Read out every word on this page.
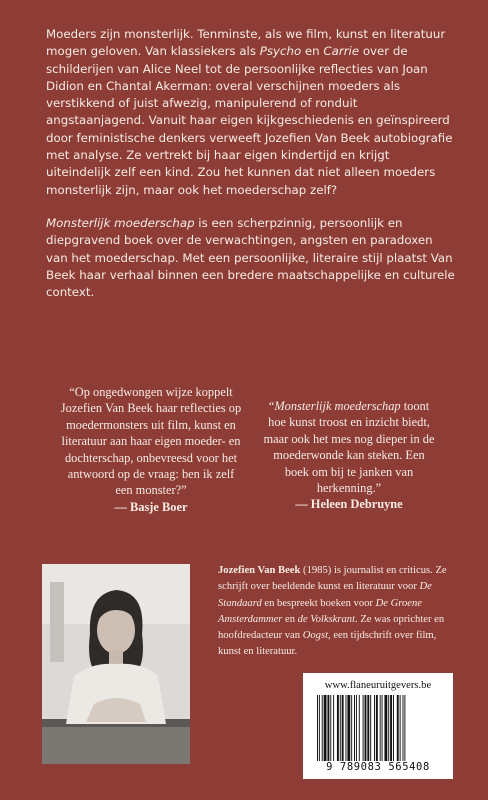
Moeders zijn monsterlijk. Tenminste, als we film, kunst en literatuur mogen geloven. Van klassiekers als Psycho en Carrie over de schilderijen van Alice Neel tot de persoonlijke reflecties van Joan Didion en Chantal Akerman: overal verschijnen moeders als verstikkend of juist afwezig, manipulerend of ronduit angstaanjagend. Vanuit haar eigen kijkgeschiedenis en geïnspireerd door feministische denkers verweeft Jozefien Van Beek autobiografie met analyse. Ze vertrekt bij haar eigen kindertijd en krijgt uiteindelijk zelf een kind. Zou het kunnen dat niet alleen moeders monsterlijk zijn, maar ook het moederschap zelf?

Monsterlijk moederschap is een scherpzinnig, persoonlijk en diepgravend boek over de verwachtingen, angsten en paradoxen van het moederschap. Met een persoonlijke, literaire stijl plaatst Van Beek haar verhaal binnen een bredere maatschappelijke en culturele context.

“Op ongedwongen wijze koppelt Jozefien Van Beek haar reflecties op moedermonsters uit film, kunst en literatuur aan haar eigen moeder- en dochterschap, onbevreesd voor het antwoord op de vraag: ben ik zelf een monster?”
— Basje Boer

“Monsterlijk moederschap toont hoe kunst troost en inzicht biedt, maar ook het mes nog dieper in de moederwonde kan steken. Een boek om bij te janken van herkenning.”
— Heleen Debruyne

Jozefien Van Beek (1985) is journalist en criticus. Ze schrijft over beeldende kunst en literatuur voor De Standaard en bespreekt boeken voor De Groene Amsterdammer en de Volkskrant. Ze was oprichter en hoofdredacteur van Oogst, een tijdschrift over film, kunst en literatuur.

www.flaneuruitgevers.be
9 789083 565408
